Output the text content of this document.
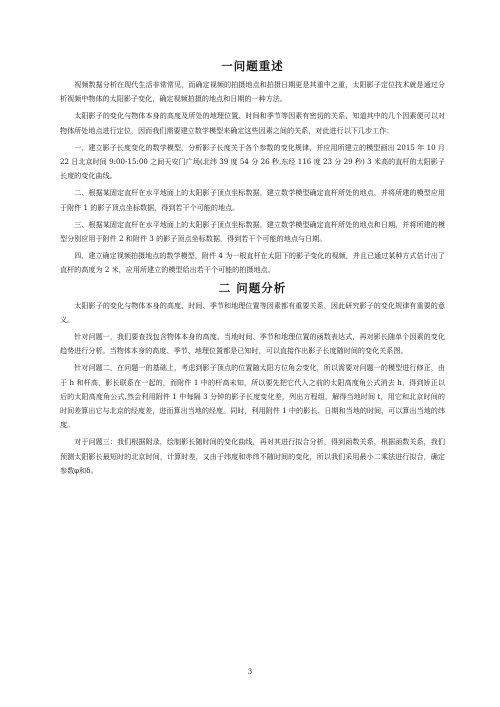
一问题重述

视频数据分析在现代生活非常常见，而确定视频的拍摄地点和拍摄日期更是其重中之重，太阳影子定位技术就是通过分析视频中物体的太阳影子变化，确定视频拍摄的地点和日期的一种方法。

太阳影子的变化与物体本身的高度及所处的地理位置、时间和季节等因素有密切的关系，知道其中的几个因素便可以对物体所处地点进行定位，因而我们需要建立数学模型来确定这些因素之间的关系，对此进行以下几步工作：

一、建立影子长度变化的数学模型，分析影子长度关于各个参数的变化规律，并应用所建立的模型画出 2015 年 10 月 22 日北京时间 9:00-15:00 之间天安门广场(北纬 39 度 54 分 26 秒,东经 116 度 23 分 29 秒) 3 米高的直杆的太阳影子长度的变化曲线。

二、根据某固定直杆在水平地面上的太阳影子顶点坐标数据，建立数学模型确定直杆所处的地点，并将所建的模型应用于附件 1 的影子顶点坐标数据，得到若干个可能的地点。

三、根据某固定直杆在水平地面上的太阳影子顶点坐标数据，建立数学模型确定直杆所处的地点和日期，并将所建的模型分别应用于附件 2 和附件 3 的影子顶点坐标数据，得到若干个可能的地点与日期。

四、建立确定视频拍摄地点的数学模型，附件 4 为一根直杆在太阳下的影子变化的视频，并且已通过某种方式估计出了直杆的高度为 2 米，应用所建立的模型给出若干个可能的拍摄地点。

二 问题分析

太阳影子的变化与物体本身的高度、时间、季节和地理位置等因素都有重要关系，因此研究影子的变化规律有重要的意义。

针对问题一，我们要查找包含物体本身的高度、当地时间、季节和地理位置的函数表达式，再对影长随单个因素的变化趋势进行分析。当物体本身的高度、季节、地理位置都是已知时，可以直接作出影子长度随时间的变化关系图。

针对问题二，在问题一的基础上，考虑到影子顶点的位置随太阳方位角会变化，所以需要对问题一的模型进行修正，由于 h 和杆高，影长联系在一起的，而附件 1 中的杆高未知，所以要先把它代入之前的太阳高度角公式消去 h，得到矫正以后的太阳高度角公式,然会利用附件 1 中每隔 3 分钟的影子长度变化差，列出方程组，解得当地时间 t，用它和北京时间的时间差算出它与北京的经度差，进而算出当地的经度。同时，利用附件 1 中的影长、日期和当地的时间，可以算出当地的纬度。

对于问题三：我们根据附录，绘制影长随时间的变化曲线，再对其进行拟合分析，得到函数关系，根据函数关系，我们预测太阳影长最短时的北京时间，计算时差，又由于纬度和赤纬不随时间的变化，所以我们采用最小二乘法进行拟合，确定参数φ和δ。

3
